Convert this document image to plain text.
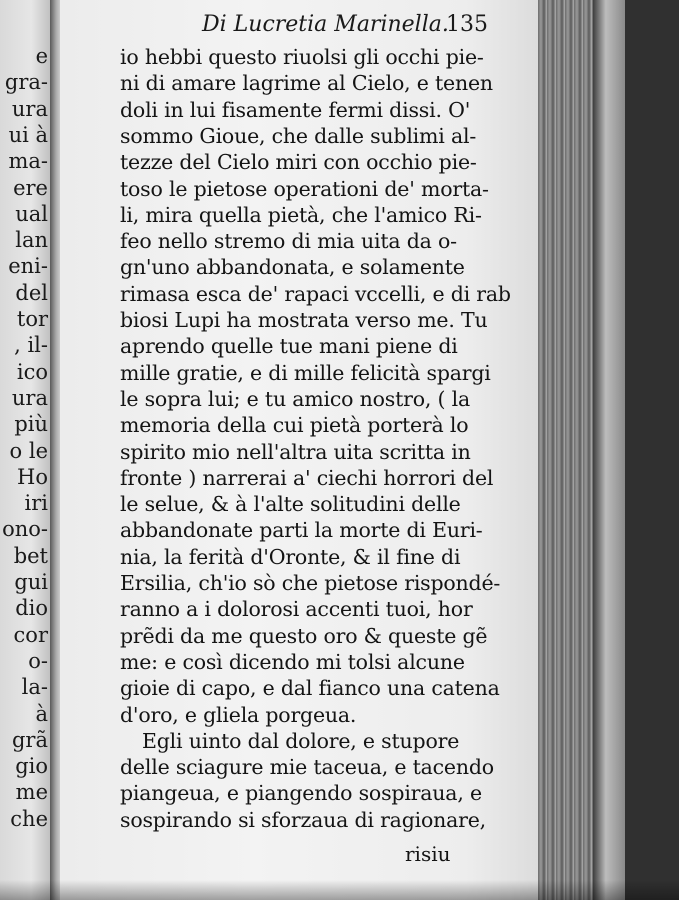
e
gra-
ura
ui à
ma-
ere
ual
lan
eni-
del
tor
, il-
ico
ura
più
o le
Ho
iri
ono-
bet
gui
dio
cor
o-
la-
à
grã
gio
me
che
Di Lucretia Marinella.
135
io hebbi questo riuolsi gli occhi pie-
ni di amare lagrime al Cielo, e tenen
doli in lui fisamente fermi dissi. O'
sommo Gioue, che dalle sublimi al-
tezze del Cielo miri con occhio pie-
toso le pietose operationi de' morta-
li, mira quella pietà, che l'amico Ri-
feo nello stremo di mia uita da o-
gn'uno abbandonata, e solamente
rimasa esca de' rapaci vccelli, e di rab
biosi Lupi ha mostrata verso me. Tu
aprendo quelle tue mani piene di
mille gratie, e di mille felicità spargi
le sopra lui; e tu amico nostro, ( la
memoria della cui pietà porterà lo
spirito mio nell'altra uita scritta in
fronte ) narrerai a' ciechi horrori del
le selue, & à l'alte solitudini delle
abbandonate parti la morte di Euri-
nia, la ferità d'Oronte, & il fine di
Ersilia, ch'io sò che pietose rispondé-
ranno a i dolorosi accenti tuoi, hor
prẽdi da me questo oro & queste gẽ
me: e così dicendo mi tolsi alcune
gioie di capo, e dal fianco una catena
d'oro, e gliela porgeua.
Egli uinto dal dolore, e stupore
delle sciagure mie taceua, e tacendo
piangeua, e piangendo sospiraua, e
sospirando si sforzaua di ragionare,
risiu
